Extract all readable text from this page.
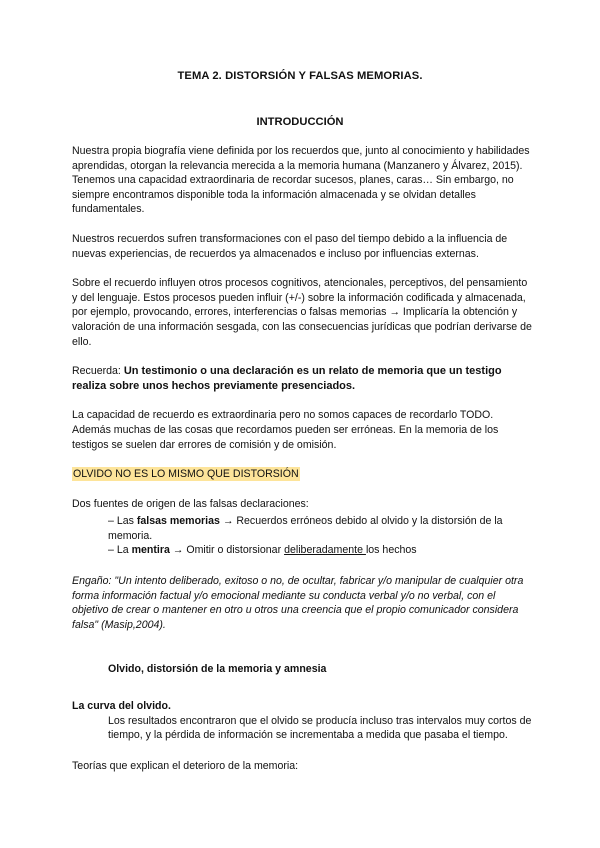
TEMA 2. DISTORSIÓN Y FALSAS MEMORIAS.
INTRODUCCIÓN

Nuestra propia biografía viene definida por los recuerdos que, junto al conocimiento y habilidades aprendidas, otorgan la relevancia merecida a la memoria humana (Manzanero y Álvarez, 2015). Tenemos una capacidad extraordinaria de recordar sucesos, planes, caras… Sin embargo, no siempre encontramos disponible toda la información almacenada y se olvidan detalles fundamentales.

Nuestros recuerdos sufren transformaciones con el paso del tiempo debido a la influencia de nuevas experiencias, de recuerdos ya almacenados e incluso por influencias externas.

Sobre el recuerdo influyen otros procesos cognitivos, atencionales, perceptivos, del pensamiento y del lenguaje. Estos procesos pueden influir (+/-) sobre la información codificada y almacenada, por ejemplo, provocando, errores, interferencias o falsas memorias → Implicaría la obtención y valoración de una información sesgada, con las consecuencias jurídicas que podrían derivarse de ello.

Recuerda: Un testimonio o una declaración es un relato de memoria que un testigo realiza sobre unos hechos previamente presenciados.

La capacidad de recuerdo es extraordinaria pero no somos capaces de recordarlo TODO. Además muchas de las cosas que recordamos pueden ser erróneas. En la memoria de los testigos se suelen dar errores de comisión y de omisión.

OLVIDO NO ES LO MISMO QUE DISTORSIÓN

Dos fuentes de origen de las falsas declaraciones:

– Las falsas memorias → Recuerdos erróneos debido al olvido y la distorsión de la
memoria.
– La mentira → Omitir o distorsionar deliberadamente los hechos

Engaño: "Un intento deliberado, exitoso o no, de ocultar, fabricar y/o manipular de cualquier otra forma información factual y/o emocional mediante su conducta verbal y/o no verbal, con el objetivo de crear o mantener en otro u otros una creencia que el propio comunicador considera falsa" (Masip,2004).

Olvido, distorsión de la memoria y amnesia

La curva del olvido.

Los resultados encontraron que el olvido se producía incluso tras intervalos muy cortos de tiempo, y la pérdida de información se incrementaba a medida que pasaba el tiempo.

Teorías que explican el deterioro de la memoria:
